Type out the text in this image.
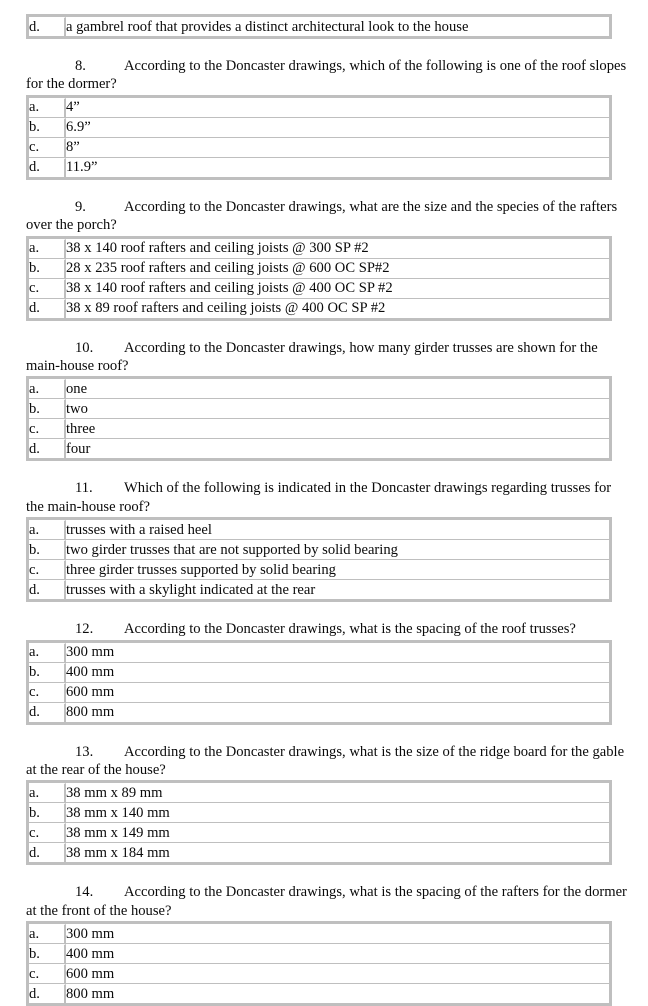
d.	a gambrel roof that provides a distinct architectural look to the house

8.	According to the Doncaster drawings, which of the following is one of the roof slopes
for the dormer?

a.	4”
b.	6.9”
c.	8”
d.	11.9”

9.	According to the Doncaster drawings, what are the size and the species of the rafters
over the porch?

a.	38 x 140 roof rafters and ceiling joists @ 300 SP #2
b.	28 x 235 roof rafters and ceiling joists @ 600 OC SP#2
c.	38 x 140 roof rafters and ceiling joists @ 400 OC SP #2
d.	38 x 89 roof rafters and ceiling joists @ 400 OC SP #2

10. According to the Doncaster drawings, how many girder trusses are shown for the
main-house roof?

a.	one
b.	two
c.	three
d.	four

11. Which of the following is indicated in the Doncaster drawings regarding trusses for
the main-house roof?

a.	trusses with a raised heel
b.	two girder trusses that are not supported by solid bearing
c.	three girder trusses supported by solid bearing
d.	trusses with a skylight indicated at the rear

12. According to the Doncaster drawings, what is the spacing of the roof trusses?

a.	300 mm
b.	400 mm
c.	600 mm
d.	800 mm

13. According to the Doncaster drawings, what is the size of the ridge board for the gable
at the rear of the house?

a.	38 mm x 89 mm
b.	38 mm x 140 mm
c.	38 mm x 149 mm
d.	38 mm x 184 mm

14. According to the Doncaster drawings, what is the spacing of the rafters for the dormer
at the front of the house?

a.	300 mm
b.	400 mm
c.	600 mm
d.	800 mm
